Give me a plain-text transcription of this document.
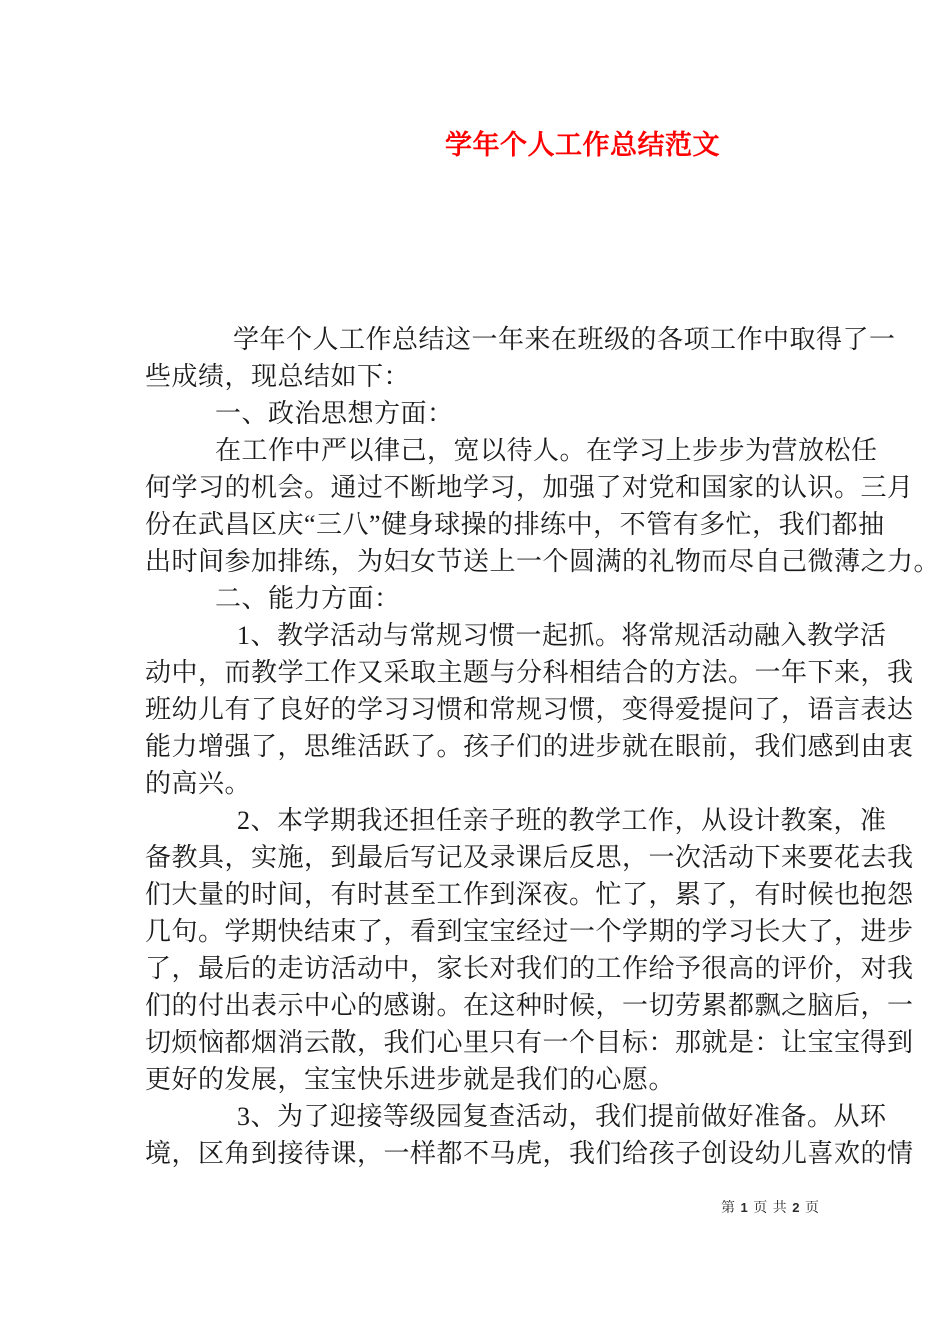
学年个人工作总结范文
学年个人工作总结这一年来在班级的各项工作中取得了一
些成绩，现总结如下：
一、政治思想方面：
在工作中严以律己，宽以待人。在学习上步步为营放松任
何学习的机会。通过不断地学习，加强了对党和国家的认识。三月
份在武昌区庆“三八”健身球操的排练中，不管有多忙，我们都抽
出时间参加排练，为妇女节送上一个圆满的礼物而尽自己微薄之力。
二、能力方面：
1、教学活动与常规习惯一起抓。将常规活动融入教学活
动中，而教学工作又采取主题与分科相结合的方法。一年下来，我
班幼儿有了良好的学习习惯和常规习惯，变得爱提问了，语言表达
能力增强了，思维活跃了。孩子们的进步就在眼前，我们感到由衷
的高兴。
2、本学期我还担任亲子班的教学工作，从设计教案，准
备教具，实施，到最后写记及录课后反思，一次活动下来要花去我
们大量的时间，有时甚至工作到深夜。忙了，累了，有时候也抱怨
几句。学期快结束了，看到宝宝经过一个学期的学习长大了，进步
了，最后的走访活动中，家长对我们的工作给予很高的评价，对我
们的付出表示中心的感谢。在这种时候，一切劳累都飘之脑后，一
切烦恼都烟消云散，我们心里只有一个目标：那就是：让宝宝得到
更好的发展，宝宝快乐进步就是我们的心愿。
3、为了迎接等级园复查活动，我们提前做好准备。从环
境，区角到接待课，一样都不马虎，我们给孩子创设幼儿喜欢的情
第 1 页 共 2 页
